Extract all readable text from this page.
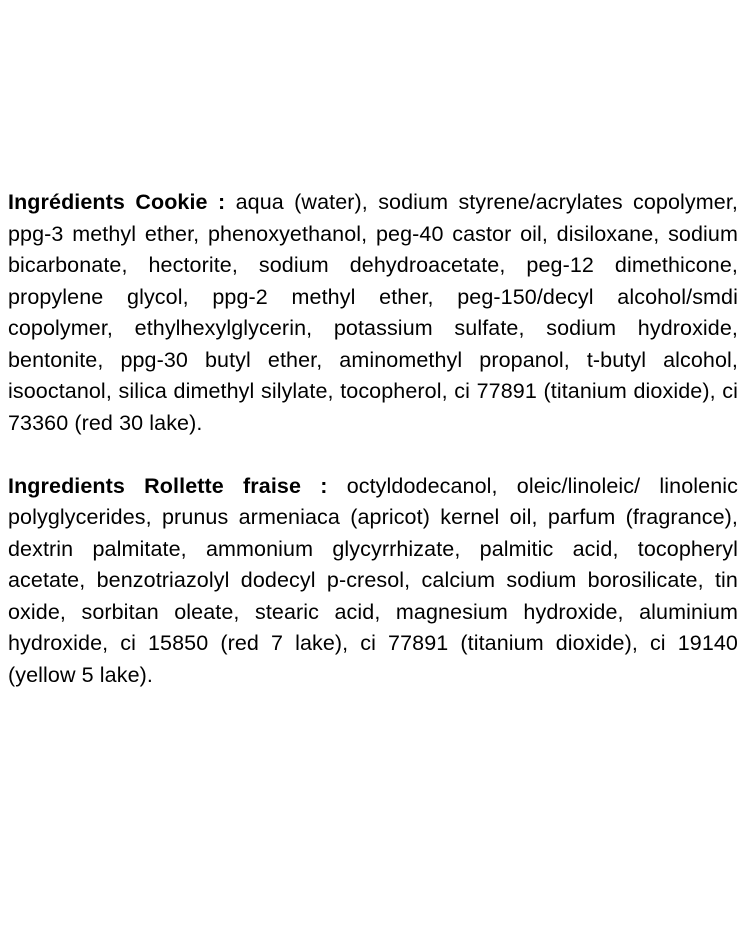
Ingrédients Cookie : aqua (water), sodium styrene/acrylates copolymer, ppg-3 methyl ether, phenoxyethanol, peg-40 castor oil, disiloxane, sodium bicarbonate, hectorite, sodium dehydroacetate, peg-12 dimethicone, propylene glycol, ppg-2 methyl ether, peg-150/decyl alcohol/smdi copolymer, ethylhexylglycerin, potassium sulfate, sodium hydroxide, bentonite, ppg-30 butyl ether, aminomethyl propanol, t-butyl alcohol, isooctanol, silica dimethyl silylate, tocopherol, ci 77891 (titanium dioxide), ci 73360 (red 30 lake).

Ingredients Rollette fraise : octyldodecanol, oleic/linoleic/ linolenic polyglycerides, prunus armeniaca (apricot) kernel oil, parfum (fragrance), dextrin palmitate, ammonium glycyrrhizate, palmitic acid, tocopheryl acetate, benzotriazolyl dodecyl p-cresol, calcium sodium borosilicate, tin oxide, sorbitan oleate, stearic acid, magnesium hydroxide, aluminium hydroxide, ci 15850 (red 7 lake), ci 77891 (titanium dioxide), ci 19140 (yellow 5 lake).
